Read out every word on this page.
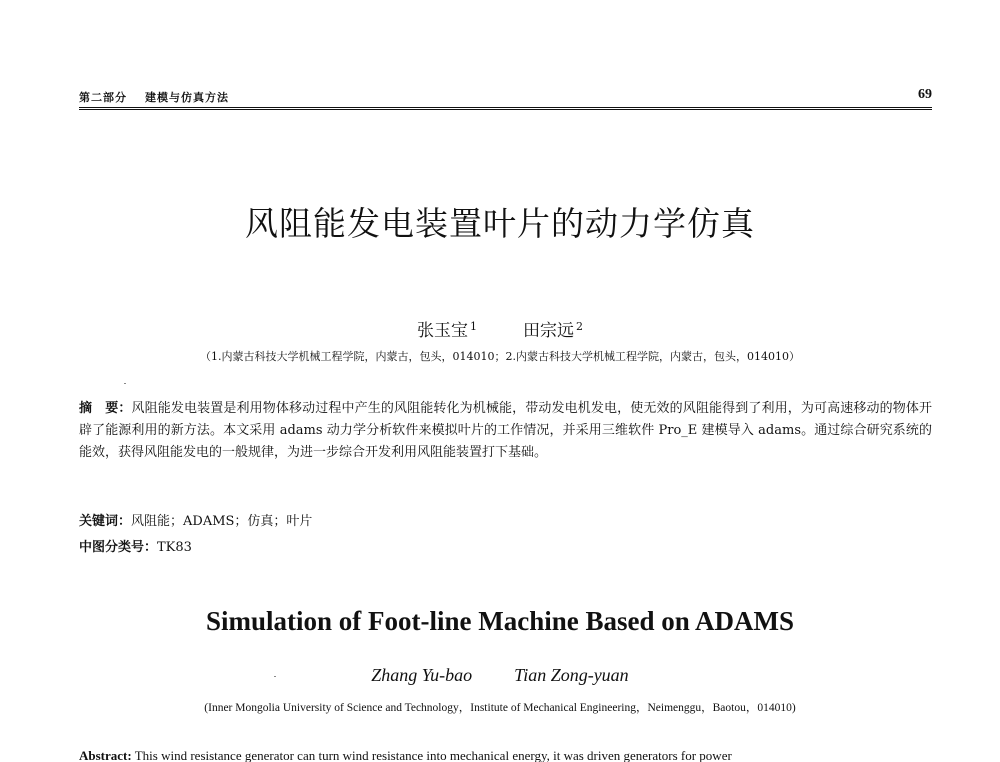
第二部分 建模与仿真方法	69
风阻能发电装置叶片的动力学仿真
张玉宝 $^1$	田宗远 $^2$
（1.内蒙古科技大学机械工程学院，内蒙古，包头，014010；2.内蒙古科技大学机械工程学院，内蒙古，包头，014010）
摘　要：风阻能发电装置是利用物体移动过程中产生的风阻能转化为机械能，带动发电机发电，使无效的风阻能得到了利用，为可高速移动的物体开辟了能源利用的新方法。本文采用 adams 动力学分析软件来模拟叶片的工作情况，并采用三维软件 Pro_E 建模导入 adams。通过综合研究系统的能效，获得风阻能发电的一般规律，为进一步综合开发利用风阻能装置打下基础。
关键词：风阻能；ADAMS；仿真；叶片
中图分类号：TK83
Simulation of Foot-line Machine Based on ADAMS
Zhang Yu-bao Tian Zong-yuan
(Inner Mongolia University of Science and Technology，Institute of Mechanical Engineering，Neimenggu，Baotou，014010)
Abstract: This wind resistance generator can turn wind resistance into mechanical energy, it was driven generators for power
